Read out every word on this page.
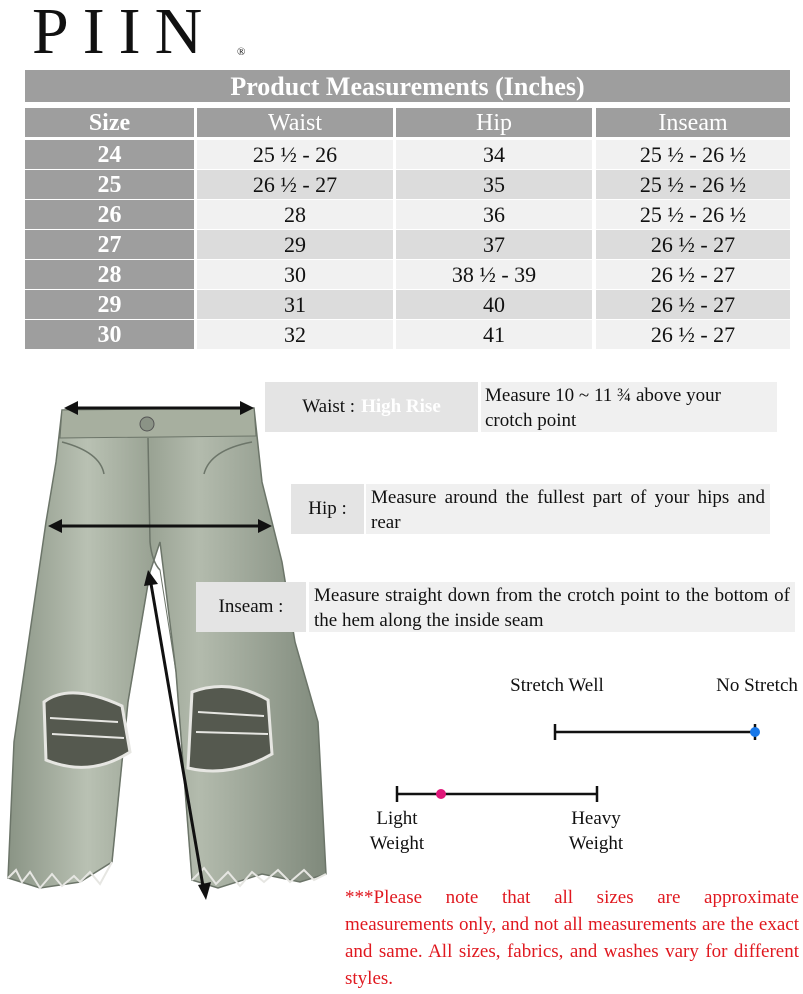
PIIN ®
Product Measurements (Inches)
Size	Waist	Hip	Inseam
24	25 ½ - 26	34	25 ½ - 26 ½
25	26 ½ - 27	35	25 ½ - 26 ½
26	28	36	25 ½ - 26 ½
27	29	37	26 ½ - 27
28	30	38 ½ - 39	26 ½ - 27
29	31	40	26 ½ - 27
30	32	41	26 ½ - 27
Waist : High Rise
Measure 10 ~ 11 ¾ above your crotch point
Hip :
Measure around the fullest part of your hips and rear
Inseam :
Measure straight down from the crotch point to the bottom of the hem along the inside seam
Stretch Well	No Stretch
Light Weight
Heavy Weight
***Please note that all sizes are approximate measurements only, and not all measurements are the exact and same. All sizes, fabrics, and washes vary for different styles.
